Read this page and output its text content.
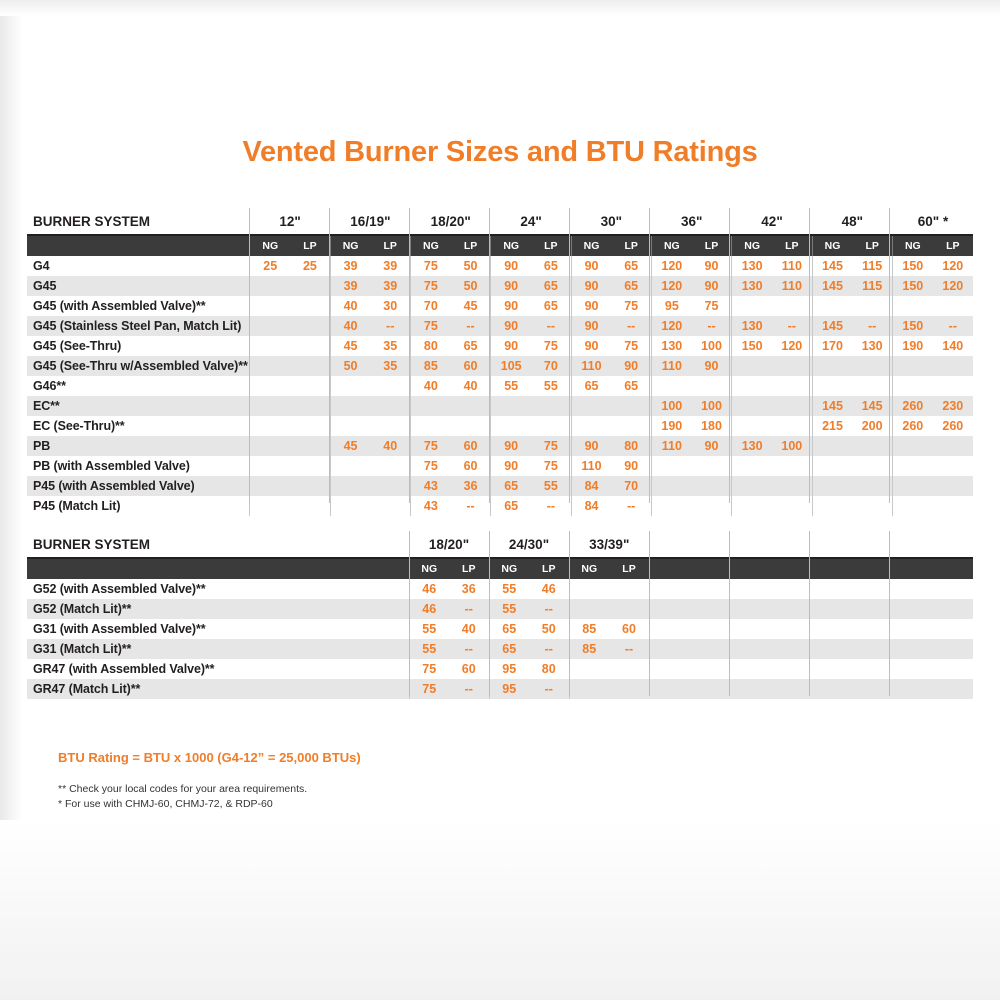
Vented Burner Sizes and BTU Ratings
BURNER SYSTEM	12"		16/19"		18/20"		24"		30"		36"		42"		48"		60" *	
	NG	LP	NG	LP	NG	LP	NG	LP	NG	LP	NG	LP	NG	LP	NG	LP	NG	LP
G4	25	25	39	39	75	50	90	65	90	65	120	90	130	110	145	115	150	120
G45			39	39	75	50	90	65	90	65	120	90	130	110	145	115	150	120
G45 (with Assembled Valve)**			40	30	70	45	90	65	90	75	95	75						
G45 (Stainless Steel Pan, Match Lit)			40	--	75	--	90	--	90	--	120	--	130	--	145	--	150	--
G45 (See-Thru)			45	35	80	65	90	75	90	75	130	100	150	120	170	130	190	140
G45 (See-Thru w/Assembled Valve)**			50	35	85	60	105	70	110	90	110	90						
G46**					40	40	55	55	65	65								
EC**											100	100			145	145	260	230
EC (See-Thru)**											190	180			215	200	260	260
PB			45	40	75	60	90	75	90	80	110	90	130	100				
PB (with Assembled Valve)					75	60	90	75	110	90								
P45 (with Assembled Valve)					43	36	65	55	84	70								
P45 (Match Lit)					43	--	65	--	84	--								
BURNER SYSTEM	18/20"		24/30"		33/39"					
	NG	LP	NG	LP	NG	LP				
G52 (with Assembled Valve)**	46	36	55	46						
G52 (Match Lit)**	46	--	55	--						
G31 (with Assembled Valve)**	55	40	65	50	85	60				
G31 (Match Lit)**	55	--	65	--	85	--				
GR47 (with Assembled Valve)**	75	60	95	80						
GR47 (Match Lit)**	75	--	95	--						

BTU Rating = BTU x 1000 (G4-12” = 25,000 BTUs)

** Check your local codes for your area requirements.

* For use with CHMJ-60, CHMJ-72, & RDP-60
